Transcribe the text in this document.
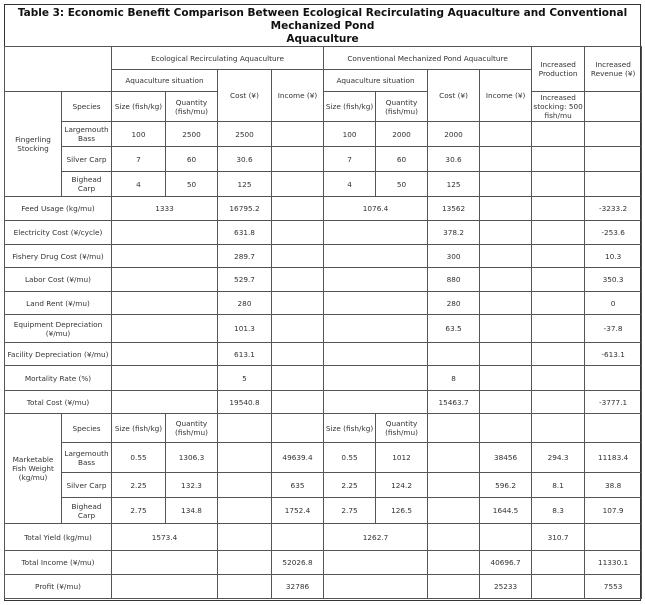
Table 3: Economic Benefit Comparison Between Ecological Recirculating Aquaculture and Conventional Mechanized Pond
Aquaculture
		Ecological Recirculating Aquaculture				Conventional Mechanized Pond Aquaculture				Increased Production	Increased Revenue (¥)
		Aquaculture situation		Cost (¥)	Income (¥)	Aquaculture situation		Cost (¥)	Income (¥)		
Fingerling Stocking	Species	Size (fish/kg)	Quantity (fish/mu)			Size (fish/kg)	Quantity (fish/mu)			Increased stocking: 500 fish/mu	
	Largemouth Bass	100	2500	2500		100	2000	2000			
	Silver Carp	7	60	30.6		7	60	30.6			
	Bighead Carp	4	50	125		4	50	125			
Feed Usage (kg/mu)		1333		16795.2		1076.4		13562			-3233.2
Electricity Cost (¥/cycle)				631.8				378.2			-253.6
Fishery Drug Cost (¥/mu)				289.7				300			10.3
Labor Cost (¥/mu)				529.7				880			350.3
Land Rent (¥/mu)				280				280			0
Equipment Depreciation (¥/mu)				101.3				63.5			-37.8
Facility Depreciation (¥/mu)				613.1							-613.1
Mortality Rate (%)				5				8			
Total Cost (¥/mu)				19540.8				15463.7			-3777.1
Marketable Fish Weight (kg/mu)	Species	Size (fish/kg)	Quantity (fish/mu)			Size (fish/kg)	Quantity (fish/mu)				
	Largemouth Bass	0.55	1306.3		49639.4	0.55	1012		38456	294.3	11183.4
	Silver Carp	2.25	132.3		635	2.25	124.2		596.2	8.1	38.8
	Bighead Carp	2.75	134.8		1752.4	2.75	126.5		1644.5	8.3	107.9
Total Yield (kg/mu)		1573.4				1262.7				310.7	
Total Income (¥/mu)					52026.8				40696.7		11330.1
Profit (¥/mu)					32786				25233		7553
